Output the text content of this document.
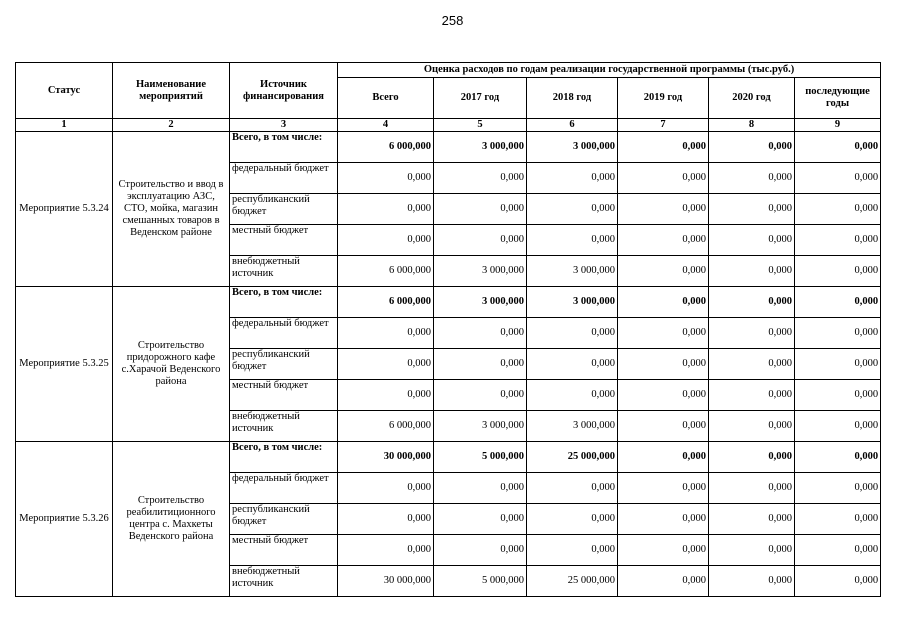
258
Статус	Наименование мероприятий	Источник финансирования	Оценка расходов по годам реализации государственной программы (тыс.руб.)					
			Всего	2017 год	2018 год	2019 год	2020 год	последующие годы
1	2	3	4	5	6	7	8	9
Мероприятие 5.3.24	Строительство и ввод в эксплуатацию АЗС, СТО, мойка, магазин смешанных товаров в Веденском районе	Всего, в том числе:	6 000,000	3 000,000	3 000,000	0,000	0,000	0,000
		федеральный бюджет	0,000	0,000	0,000	0,000	0,000	0,000
		республиканский бюджет	0,000	0,000	0,000	0,000	0,000	0,000
		местный бюджет	0,000	0,000	0,000	0,000	0,000	0,000
		внебюджетный источник	6 000,000	3 000,000	3 000,000	0,000	0,000	0,000
Мероприятие 5.3.25	Строительство придорожного кафе с.Харачой Веденского района	Всего, в том числе:	6 000,000	3 000,000	3 000,000	0,000	0,000	0,000
		федеральный бюджет	0,000	0,000	0,000	0,000	0,000	0,000
		республиканский бюджет	0,000	0,000	0,000	0,000	0,000	0,000
		местный бюджет	0,000	0,000	0,000	0,000	0,000	0,000
		внебюджетный источник	6 000,000	3 000,000	3 000,000	0,000	0,000	0,000
Мероприятие 5.3.26	Строительство реабилитиционного центра с. Махкеты Веденского района	Всего, в том числе:	30 000,000	5 000,000	25 000,000	0,000	0,000	0,000
		федеральный бюджет	0,000	0,000	0,000	0,000	0,000	0,000
		республиканский бюджет	0,000	0,000	0,000	0,000	0,000	0,000
		местный бюджет	0,000	0,000	0,000	0,000	0,000	0,000
		внебюджетный источник	30 000,000	5 000,000	25 000,000	0,000	0,000	0,000
